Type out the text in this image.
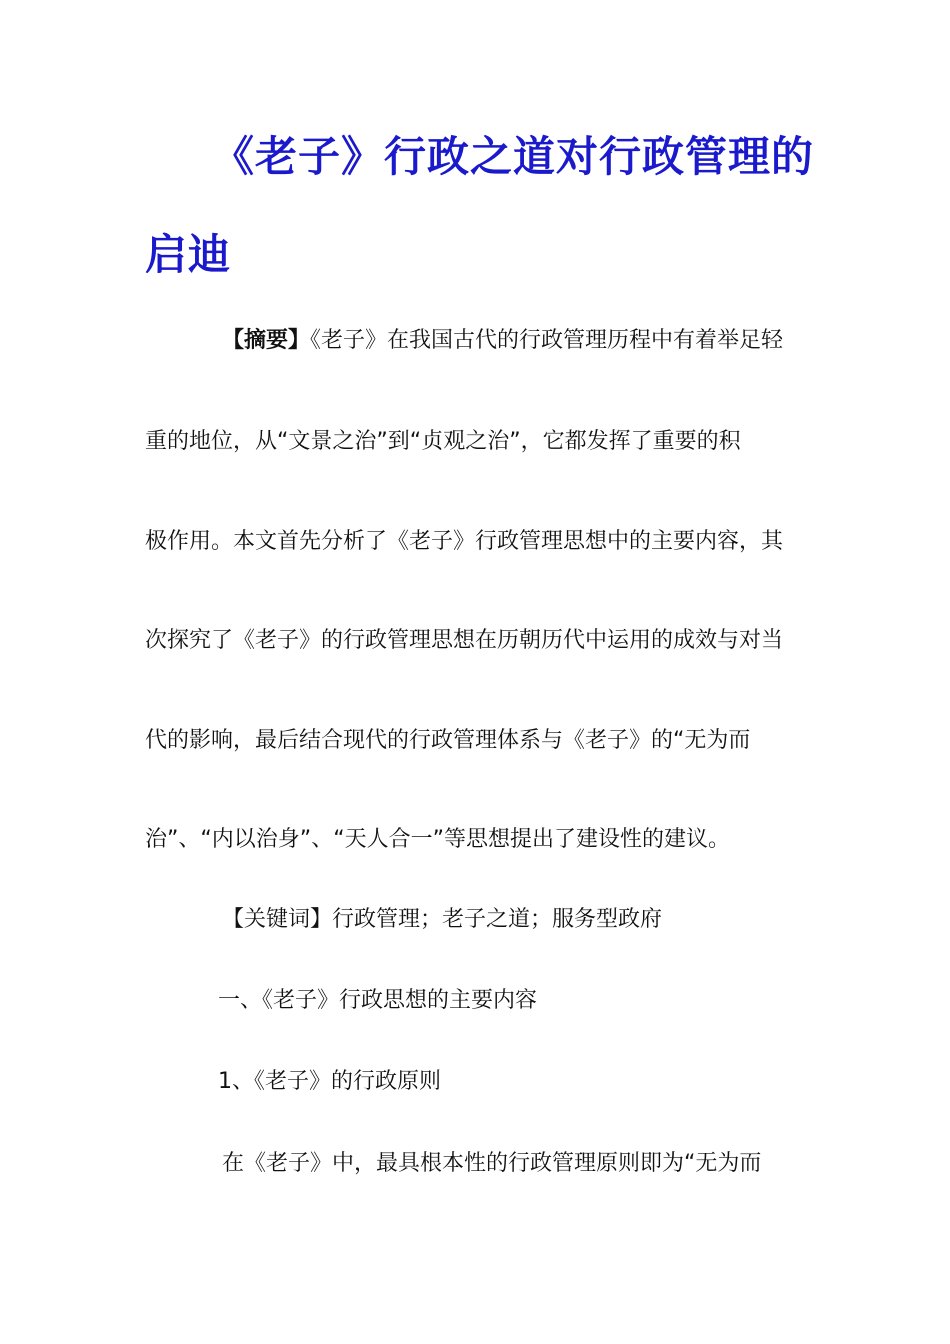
《老子》行政之道对行政管理的
启迪

【摘要】《老子》在我国古代的行政管理历程中有着举足轻

重的地位，从“文景之治”到“贞观之治”，它都发挥了重要的积

极作用。本文首先分析了《老子》行政管理思想中的主要内容，其

次探究了《老子》的行政管理思想在历朝历代中运用的成效与对当

代的影响，最后结合现代的行政管理体系与《老子》的“无为而

治”、“内以治身”、“天人合一”等思想提出了建设性的建议。

【关键词】行政管理；老子之道；服务型政府

一、《老子》行政思想的主要内容

1、《老子》的行政原则

在《老子》中，最具根本性的行政管理原则即为“无为而
